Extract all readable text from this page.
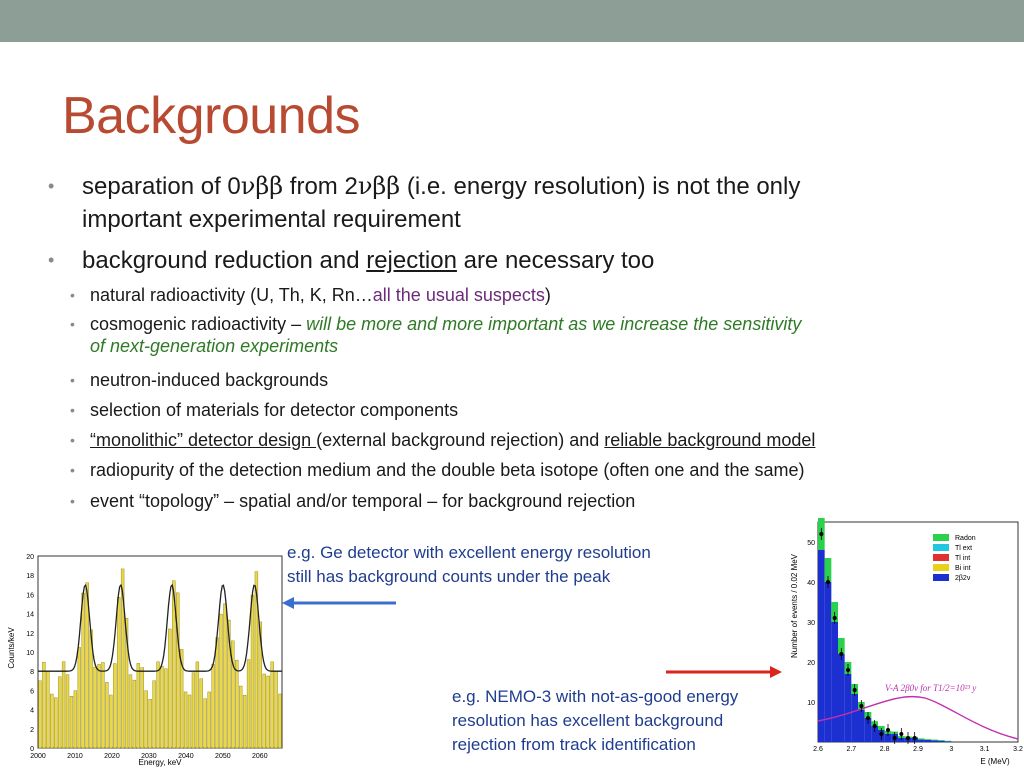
Backgrounds
• separation of 0νββ from 2νββ (i.e. energy resolution) is not the only
important experimental requirement
• background reduction and rejection are necessary too
• natural radioactivity (U, Th, K, Rn…all the usual suspects)
• cosmogenic radioactivity – will be more and more important as we increase the sensitivity
of next-generation experiments
• neutron-induced backgrounds
• selection of materials for detector components
• “monolithic” detector design (external background rejection) and reliable background model
• radiopurity of the detection medium and the double beta isotope (often one and the same)
• event “topology” – spatial and/or temporal – for background rejection
e.g. Ge detector with excellent energy resolution
still has background counts under the peak
e.g. NEMO-3 with not-as-good energy
resolution has excellent background
rejection from track identification
0
2
4
6
8
10
12
14
16
18
20
2000	2010	2020	2030	2040	2050	2060
Counts/keV
Energy, keV
10
20
30
40
50
2.6	2.7	2.8	2.9	3	3.1	3.2
Radon
Tl ext
Tl int
Bi int
2β2ν
V-A 2β0ν for T1/2=10²³ y
Number of events / 0.02 MeV
E (MeV)
